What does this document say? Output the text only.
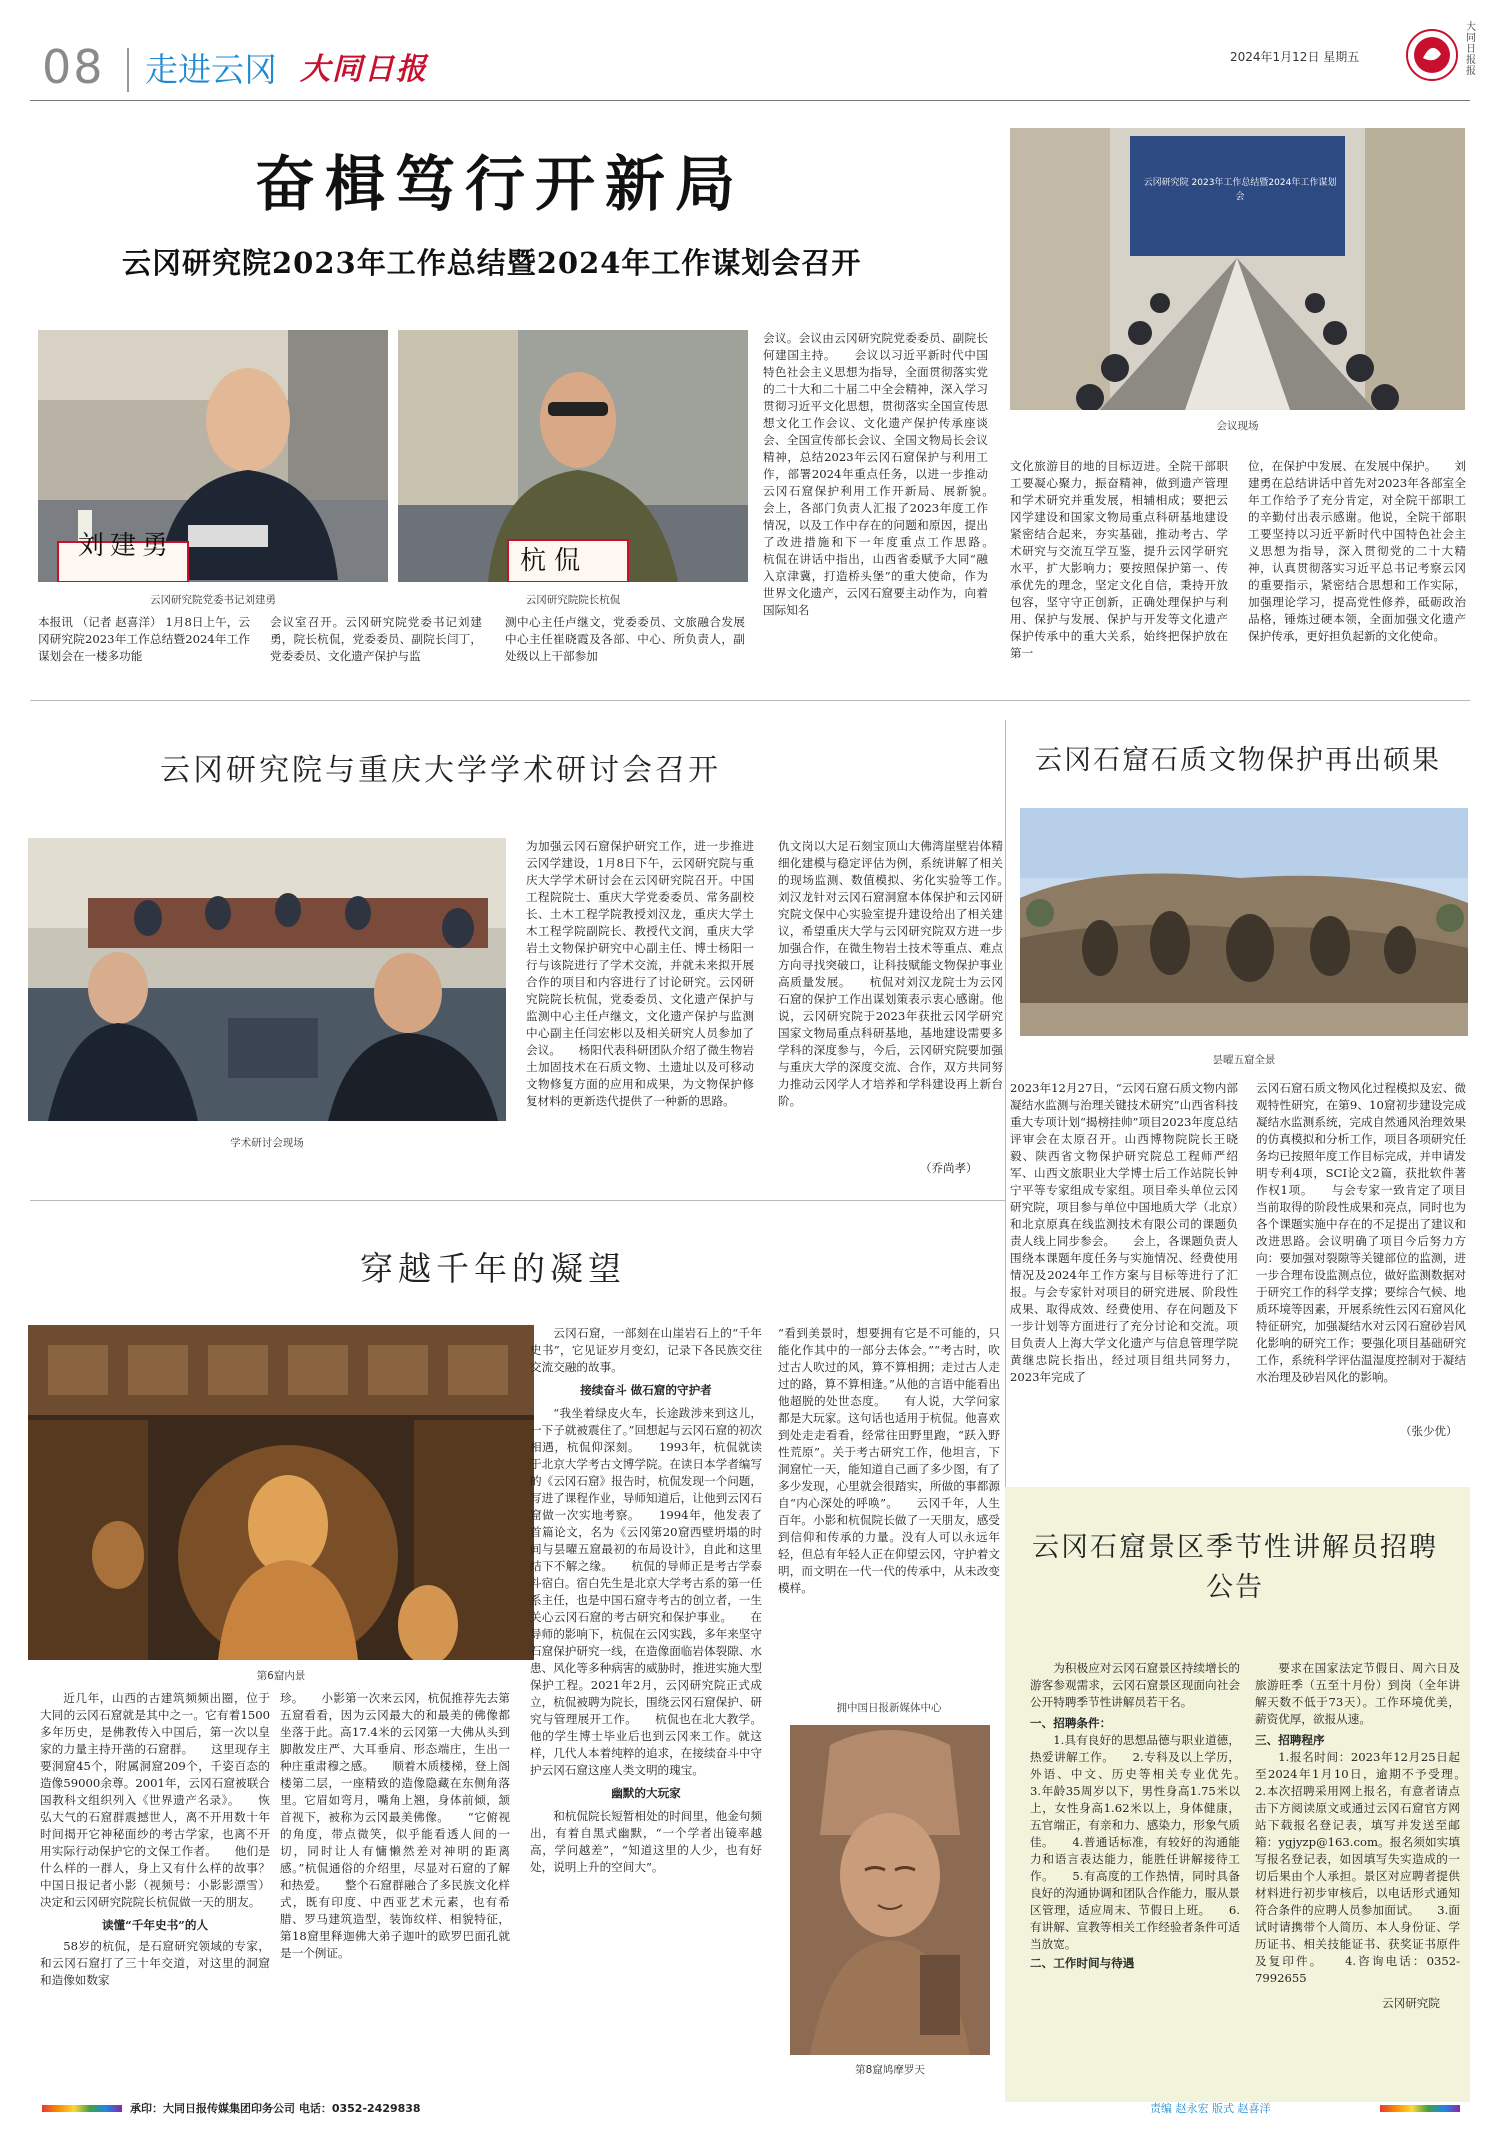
08 走进云冈 大同日报	2024年1月12日 星期五
大同日报报
奋楫笃行开新局
云冈研究院2023年工作总结暨2024年工作谋划会召开
刘建勇
云冈研究院党委书记刘建勇
杭侃
云冈研究院院长杭侃
云冈研究院 2023年工作总结暨2024年工作谋划会
会议现场
本报讯 （记者 赵喜洋） 1月8日上午，云冈研究院2023年工作总结暨2024年工作谋划会在一楼多功能
会议室召开。云冈研究院党委书记刘建勇，院长杭侃，党委委员、副院长闫丁，党委委员、文化遗产保护与监
测中心主任卢继文，党委委员、文旅融合发展中心主任崔晓霞及各部、中心、所负责人，副处级以上干部参加
会议。会议由云冈研究院党委委员、副院长何建国主持。　　会议以习近平新时代中国特色社会主义思想为指导，全面贯彻落实党的二十大和二十届二中全会精神，深入学习贯彻习近平文化思想，贯彻落实全国宣传思想文化工作会议、文化遗产保护传承座谈会、全国宣传部长会议、全国文物局长会议精神，总结2023年云冈石窟保护与利用工作，部署2024年重点任务，以进一步推动云冈石窟保护利用工作开新局、展新貌。　　会上，各部门负责人汇报了2023年度工作情况，以及工作中存在的问题和原因，提出了改进措施和下一年度重点工作思路。　　杭侃在讲话中指出，山西省委赋予大同“融入京津冀，打造桥头堡”的重大使命，作为世界文化遗产，云冈石窟要主动作为，向着国际知名
文化旅游目的地的目标迈进。全院干部职工要凝心聚力，振奋精神，做到遗产管理和学术研究并重发展，相辅相成；要把云冈学建设和国家文物局重点科研基地建设紧密结合起来，夯实基础，推动考古、学术研究与交流互学互鉴，提升云冈学研究水平，扩大影响力；要按照保护第一、传承优先的理念，坚定文化自信，秉持开放包容，坚守守正创新，正确处理保护与利用、保护与发展、保护与开发等文化遗产保护传承中的重大关系，始终把保护放在第一
位，在保护中发展、在发展中保护。　　刘建勇在总结讲话中首先对2023年各部室全年工作给予了充分肯定，对全院干部职工的辛勤付出表示感谢。他说，全院干部职工要坚持以习近平新时代中国特色社会主义思想为指导，深入贯彻党的二十大精神，认真贯彻落实习近平总书记考察云冈的重要指示，紧密结合思想和工作实际，加强理论学习，提高党性修养，砥砺政治品格，锤炼过硬本领，全面加强文化遗产保护传承，更好担负起新的文化使命。
云冈研究院与重庆大学学术研讨会召开
学术研讨会现场
为加强云冈石窟保护研究工作，进一步推进云冈学建设，1月8日下午，云冈研究院与重庆大学学术研讨会在云冈研究院召开。中国工程院院士、重庆大学党委委员、常务副校长、土木工程学院教授刘汉龙，重庆大学土木工程学院副院长、教授代文润，重庆大学岩土文物保护研究中心副主任、博士杨阳一行与该院进行了学术交流，并就未来拟开展合作的项目和内容进行了讨论研究。云冈研究院院长杭侃，党委委员、文化遗产保护与监测中心主任卢继文，文化遗产保护与监测中心副主任闫宏彬以及相关研究人员参加了会议。　　杨阳代表科研团队介绍了微生物岩土加固技术在石质文物、土遗址以及可移动文物修复方面的应用和成果，为文物保护修复材料的更新迭代提供了一种新的思路。
仇文岗以大足石刻宝顶山大佛湾崖壁岩体精细化建模与稳定评估为例，系统讲解了相关的现场监测、数值模拟、劣化实验等工作。　　刘汉龙针对云冈石窟洞窟本体保护和云冈研究院文保中心实验室提升建设给出了相关建议，希望重庆大学与云冈研究院双方进一步加强合作，在微生物岩土技术等重点、难点方向寻找突破口，让科技赋能文物保护事业高质量发展。　　杭侃对刘汉龙院士为云冈石窟的保护工作出谋划策表示衷心感谢。他说，云冈研究院于2023年获批云冈学研究国家文物局重点科研基地，基地建设需要多学科的深度参与，今后，云冈研究院要加强与重庆大学的深度交流、合作，双方共同努力推动云冈学人才培养和学科建设再上新台阶。
（乔尚孝）
云冈石窟石质文物保护再出硕果
昙曜五窟全景
2023年12月27日，“云冈石窟石质文物内部凝结水监测与治理关键技术研究”山西省科技重大专项计划“揭榜挂帅”项目2023年度总结评审会在太原召开。山西博物院院长王晓毅、陕西省文物保护研究院总工程师严绍军、山西文旅职业大学博士后工作站院长钟宁平等专家组成专家组。项目牵头单位云冈研究院，项目参与单位中国地质大学（北京）和北京原真在线监测技术有限公司的课题负责人线上同步参会。　　会上，各课题负责人围绕本课题年度任务与实施情况、经费使用情况及2024年工作方案与目标等进行了汇报。与会专家针对项目的研究进展、阶段性成果、取得成效、经费使用、存在问题及下一步计划等方面进行了充分讨论和交流。项目负责人上海大学文化遗产与信息管理学院黄继忠院长指出，经过项目组共同努力，2023年完成了
云冈石窟石质文物风化过程模拟及宏、微观特性研究，在第9、10窟初步建设完成凝结水监测系统，完成自然通风治理效果的仿真模拟和分析工作，项目各项研究任务均已按照年度工作目标完成，并申请发明专利4项，SCI论文2篇，获批软件著作权1项。　　与会专家一致肯定了项目当前取得的阶段性成果和亮点，同时也为各个课题实施中存在的不足提出了建议和改进思路。会议明确了项目今后努力方向：要加强对裂隙等关键部位的监测，进一步合理布设监测点位，做好监测数据对于研究工作的科学支撑；要综合气候、地质环境等因素，开展系统性云冈石窟风化特征研究，加强凝结水对云冈石窟砂岩风化影响的研究工作；要强化项目基础研究工作，系统科学评估温湿度控制对于凝结水治理及砂岩风化的影响。
（张少优）
穿越千年的凝望
第6窟内景
近几年，山西的古建筑频频出圈，位于大同的云冈石窟就是其中之一。它有着1500多年历史，是佛教传入中国后，第一次以皇家的力量主持开凿的石窟群。　　这里现存主要洞窟45个，附属洞窟209个，千姿百态的造像59000余尊。2001年，云冈石窟被联合国教科文组织列入《世界遗产名录》。　　恢弘大气的石窟群震撼世人，离不开用数十年时间揭开它神秘面纱的考古学家，也离不开用实际行动保护它的文保工作者。　　他们是什么样的一群人，身上又有什么样的故事？中国日报记者小影（视频号：小影影漂雪）决定和云冈研究院院长杭侃做一天的朋友。
读懂“千年史书”的人
58岁的杭侃，是石窟研究领域的专家，和云冈石窟打了三十年交道，对这里的洞窟和造像如数家
珍。　　小影第一次来云冈，杭侃推荐先去第五窟看看，因为云冈最大的和最美的佛像都坐落于此。高17.4米的云冈第一大佛从头到脚散发庄严、大耳垂肩、形态端庄，生出一种庄重肃穆之感。　　顺着木质楼梯，登上阁楼第二层，一座精致的造像隐藏在东侧角落里。它眉如弯月，嘴角上翘，身体前倾，颔首视下，被称为云冈最美佛像。　　“它俯视的角度，带点微笑，似乎能看透人间的一切，同时让人有慵懒然差对神明的距离感。”杭侃通俗的介绍里，尽显对石窟的了解和热爱。　　整个石窟群融合了多民族文化样式，既有印度、中西亚艺术元素，也有希腊、罗马建筑造型，装饰纹样、相貌特征，第18窟里释迦佛大弟子迦叶的欧罗巴面孔就是一个例证。
云冈石窟，一部刻在山崖岩石上的“千年史书”，它见证岁月变幻，记录下各民族交往交流交融的故事。
接续奋斗 做石窟的守护者
“我坐着绿皮火车，长途跋涉来到这儿，一下子就被震住了。”回想起与云冈石窟的初次相遇，杭侃仰深刻。　　1993年，杭侃就读于北京大学考古文博学院。在读日本学者编写的《云冈石窟》报告时，杭侃发现一个问题，写进了课程作业，导师知道后，让他到云冈石窟做一次实地考察。　　1994年，他发表了首篇论文，名为《云冈第20窟西壁坍塌的时间与昙曜五窟最初的布局设计》，自此和这里结下不解之缘。　　杭侃的导师正是考古学泰斗宿白。宿白先生是北京大学考古系的第一任系主任，也是中国石窟寺考古的创立者，一生关心云冈石窟的考古研究和保护事业。　　在导师的影响下，杭侃在云冈实践，多年来坚守石窟保护研究一线，在造像面临岩体裂隙、水患、风化等多种病害的威胁时，推进实施大型保护工程。2021年2月，云冈研究院正式成立，杭侃被聘为院长，围绕云冈石窟保护、研究与管理展开工作。　　杭侃也在北大教学。他的学生博士毕业后也到云冈来工作。就这样，几代人本着纯粹的追求，在接续奋斗中守护云冈石窟这座人类文明的瑰宝。
幽默的大玩家
和杭侃院长短暂相处的时间里，他金句频出，有着自黑式幽默，“一个学者出镜率越高，学问越差”，“知道这里的人少，也有好处，说明上升的空间大”。
“看到美景时，想要拥有它是不可能的，只能化作其中的一部分去体会。”“考古时，吹过古人吹过的风，算不算相拥；走过古人走过的路，算不算相逢。”从他的言语中能看出他超脱的处世态度。　　有人说，大学问家都是大玩家。这句话也适用于杭侃。他喜欢到处走走看看，经常往田野里跑，“跃入野性荒原”。关于考古研究工作，他坦言，下洞窟忙一天，能知道自己画了多少图，有了多少发现，心里就会很踏实，所做的事都源自“内心深处的呼唤”。　　云冈千年，人生百年。小影和杭侃院长做了一天朋友，感受到信仰和传承的力量。没有人可以永远年轻，但总有年轻人正在仰望云冈，守护着文明，而文明在一代一代的传承中，从未改变模样。
拥中国日报新媒体中心
第8窟鸠摩罗天
云冈石窟景区季节性讲解员招聘公告
为积极应对云冈石窟景区持续增长的游客参观需求，云冈石窟景区现面向社会公开特聘季节性讲解员若干名。
一、招聘条件：
1.具有良好的思想品德与职业道德，热爱讲解工作。　　2.专科及以上学历，外语、中文、历史等相关专业优先。　　3.年龄35周岁以下，男性身高1.75米以上，女性身高1.62米以上，身体健康，五官端正，有亲和力、感染力，形象气质佳。　　4.普通话标准，有较好的沟通能力和语言表达能力，能胜任讲解接待工作。　　5.有高度的工作热情，同时具备良好的沟通协调和团队合作能力，服从景区管理，适应周末、节假日上班。　　6.有讲解、宣教等相关工作经验者条件可适当放宽。
二、工作时间与待遇
要求在国家法定节假日、周六日及旅游旺季（五至十月份）到岗（全年讲解天数不低于73天）。工作环境优美，薪资优厚，欲报从速。
三、招聘程序
1.报名时间：2023年12月25日起至2024年1月10日，逾期不予受理。　　2.本次招聘采用网上报名，有意者请点击下方阅读原文或通过云冈石窟官方网站下载报名登记表，填写并发送至邮箱：ygjyzp@163.com。报名须如实填写报名登记表，如因填写失实造成的一切后果由个人承担。景区对应聘者提供材料进行初步审核后，以电话形式通知符合条件的应聘人员参加面试。　　3.面试时请携带个人简历、本人身份证、学历证书、相关技能证书、获奖证书原件及复印件。　　4.咨询电话：0352-7992655
云冈研究院
承印：大同日报传媒集团印务公司 电话：0352-2429838	责编 赵永宏 版式 赵喜洋
